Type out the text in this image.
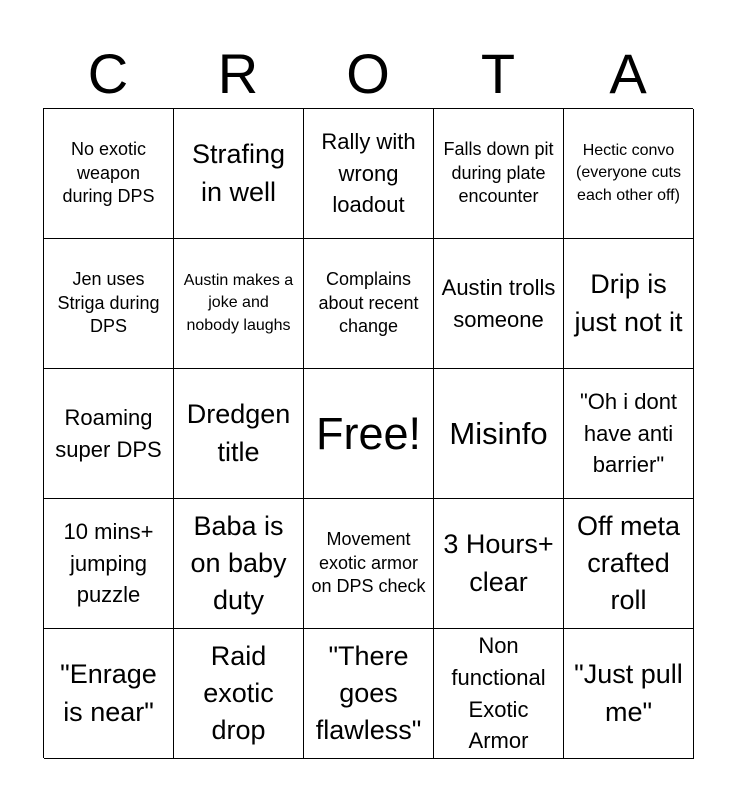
C	R	O	T	A
No exotic weapon during DPS
Strafing in well
Rally with wrong loadout
Falls down pit during plate encounter
Hectic convo (everyone cuts each other off)
Jen uses Striga during DPS
Austin makes a joke and nobody laughs
Complains about recent change
Austin trolls someone
Drip is just not it
Roaming super DPS
Dredgen title	Free! Misinfo
"Oh i dont have anti barrier"
10 mins+ jumping puzzle
Baba is on baby duty
Movement exotic armor on DPS check
3 Hours+ clear
Off meta crafted roll
"Enrage is near"
Raid exotic drop
"There goes flawless"
Non functional Exotic Armor
"Just pull me"
